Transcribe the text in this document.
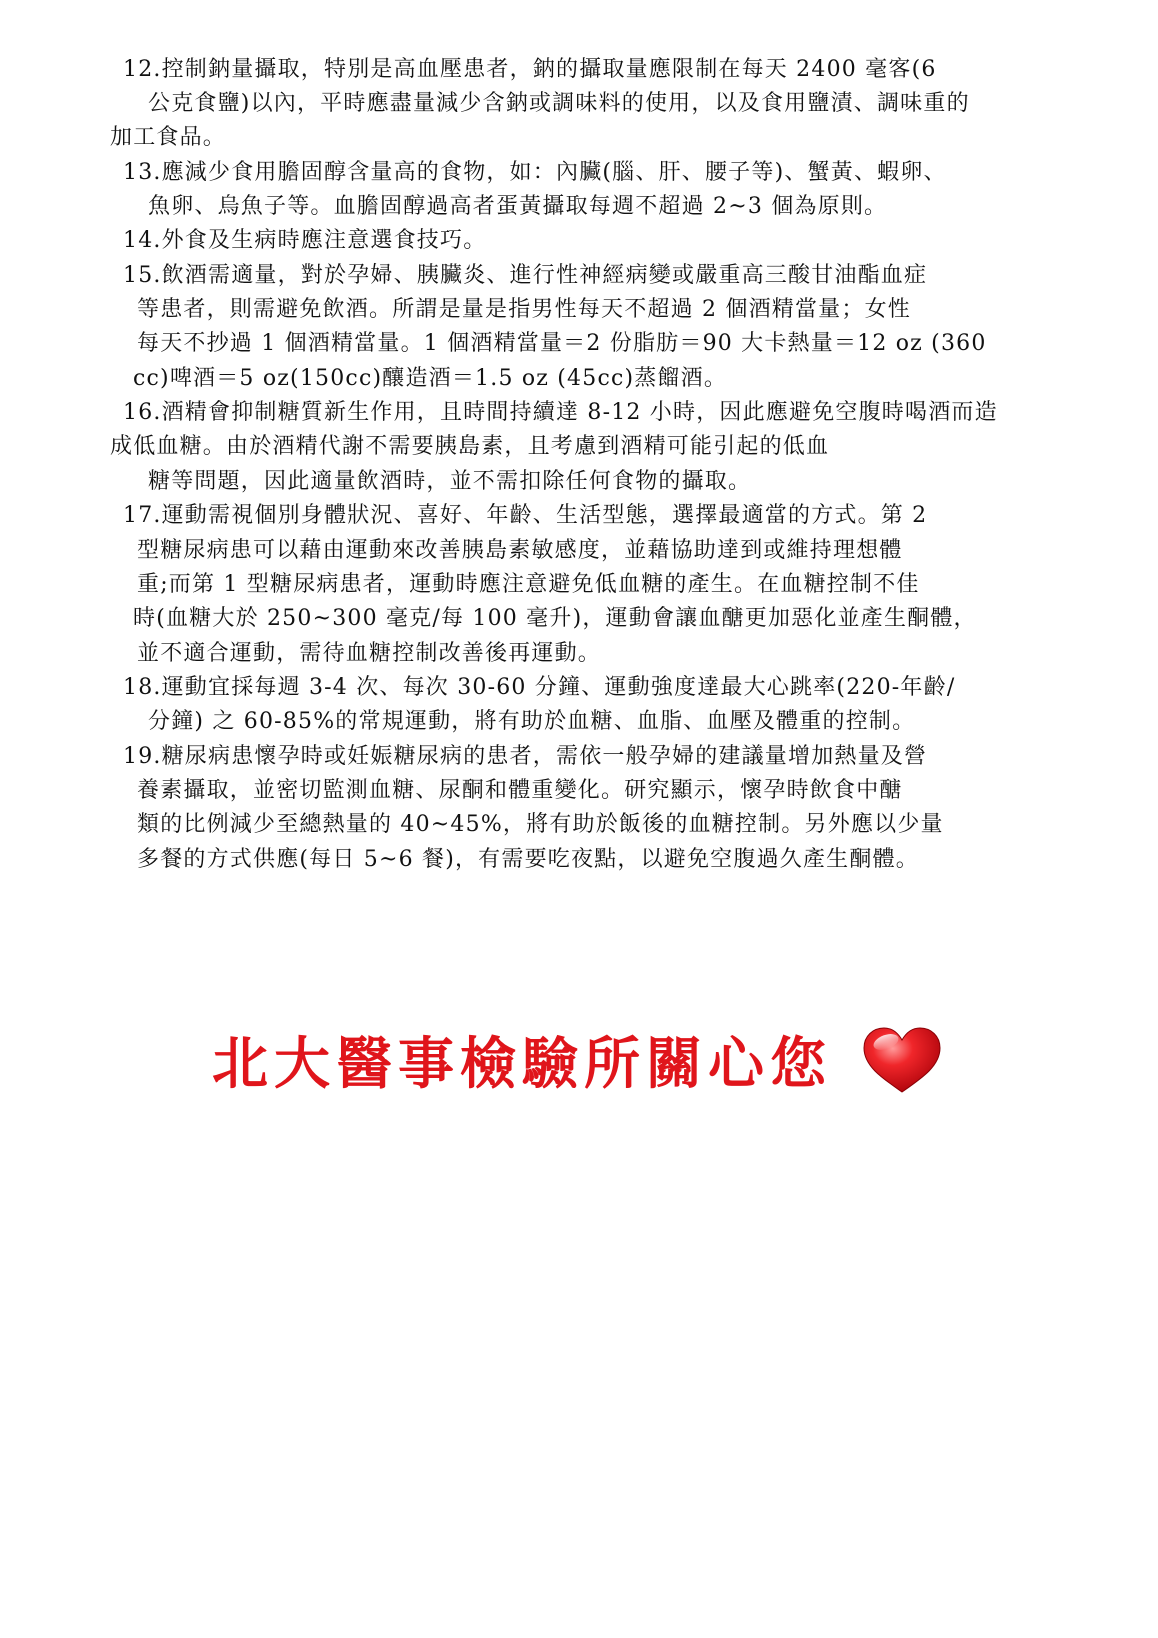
12.控制鈉量攝取，特別是高血壓患者，鈉的攝取量應限制在每天 2400 毫客(6
公克食鹽)以內，平時應盡量減少含鈉或調味料的使用，以及食用鹽漬、調味重的
加工食品。
13.應減少食用膽固醇含量高的食物，如：內臟(腦、肝、腰子等)、蟹黃、蝦卵、
魚卵、烏魚子等。血膽固醇過高者蛋黃攝取每週不超過 2~3 個為原則。
14.外食及生病時應注意選食技巧。
15.飲酒需適量，對於孕婦、胰臟炎、進行性神經病變或嚴重高三酸甘油酯血症
等患者，則需避免飲酒。所謂是量是指男性每天不超過 2 個酒精當量；女性
每天不抄過 1 個酒精當量。1 個酒精當量＝2 份脂肪＝90 大卡熱量＝12 oz (360
cc)啤酒＝5 oz(150cc)釀造酒＝1.5 oz (45cc)蒸餾酒。
16.酒精會抑制糖質新生作用，且時間持續達 8-12 小時，因此應避免空腹時喝酒而造
成低血糖。由於酒精代謝不需要胰島素，且考慮到酒精可能引起的低血
糖等問題，因此適量飲酒時，並不需扣除任何食物的攝取。
17.運動需視個別身體狀況、喜好、年齡、生活型態，選擇最適當的方式。第 2
型糖尿病患可以藉由運動來改善胰島素敏感度，並藉協助達到或維持理想體
重;而第 1 型糖尿病患者，運動時應注意避免低血糖的產生。在血糖控制不佳
時(血糖大於 250~300 毫克/每 100 毫升)，運動會讓血醣更加惡化並產生酮體，
並不適合運動，需待血糖控制改善後再運動。
18.運動宜採每週 3-4 次、每次 30-60 分鐘、運動強度達最大心跳率(220-年齡/
分鐘) 之 60-85%的常規運動，將有助於血糖、血脂、血壓及體重的控制。
19.糖尿病患懷孕時或妊娠糖尿病的患者，需依一般孕婦的建議量增加熱量及營
養素攝取，並密切監測血糖、尿酮和體重變化。研究顯示，懷孕時飲食中醣
類的比例減少至總熱量的 40~45%，將有助於飯後的血糖控制。另外應以少量
多餐的方式供應(每日 5~6 餐)，有需要吃夜點，以避免空腹過久產生酮體。
北大醫事檢驗所關心您
